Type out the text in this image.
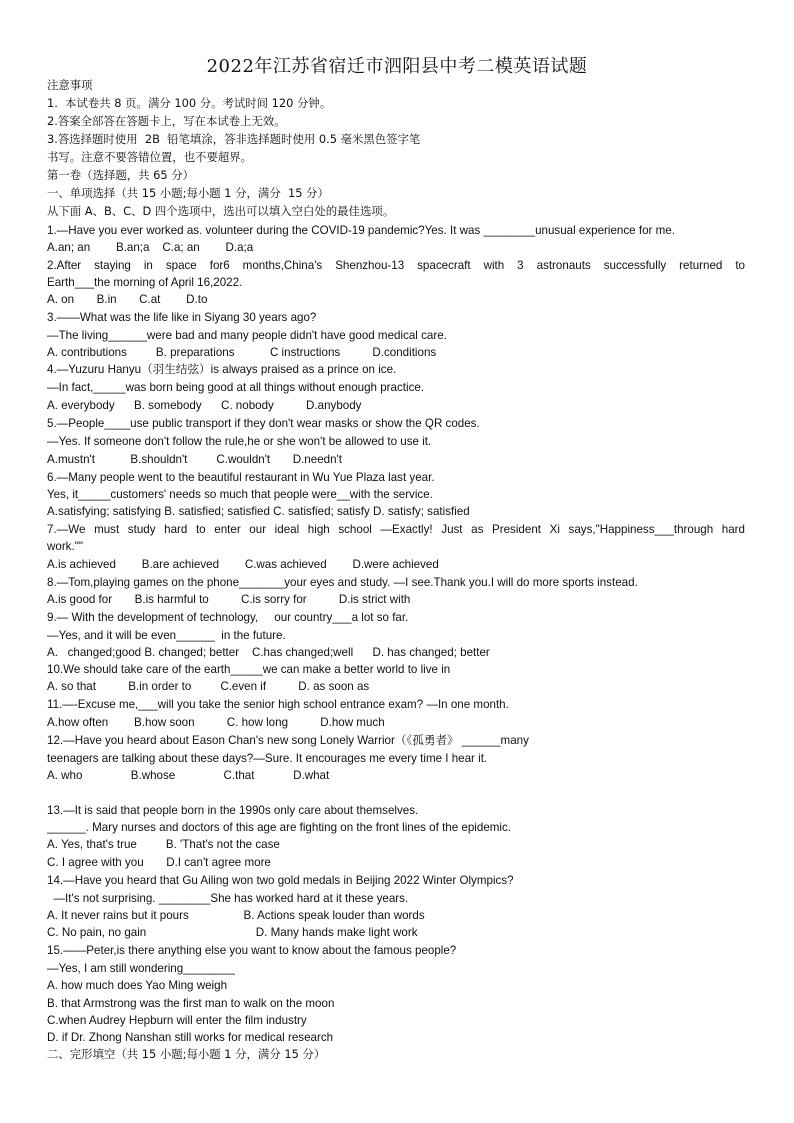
2022年江苏省宿迁市泗阳县中考二模英语试题
注意事项
1.  本试卷共 8 页。满分 100 分。考试时间 120 分钟。
2.答案全部答在答题卡上，写在本试卷上无效。
3.答选择题时使用  2B  铅笔填涂，答非选择题时使用 0.5 毫米黑色签字笔
书写。注意不要答错位置，也不要超界。
第一卷（选择题，共 65 分）
一、单项选择（共 15 小题;每小题 1 分，满分  15 分）
从下面 A、B、C、D 四个选项中，选出可以填入空白处的最佳选项。
1.—Have you ever worked as. volunteer during the COVID-19 pandemic?Yes. It was ________unusual experience for me.
A.an; an        B.an;a    C.a; an        D.a;a
2.After staying in space for6 months,China's Shenzhou-13 spacecraft with 3 astronauts successfully returned to
Earth___the morning of April 16,2022.
A. on       B.in       C.at        D.to
3.——What was the life like in Siyang 30 years ago?
—The living______were bad and many people didn't have good medical care.
A. contributions         B. preparations           C instructions          D.conditions
4.—Yuzuru Hanyu（羽生结弦）is always praised as a prince on ice.
—In fact,_____was born being good at all things without enough practice.
A. everybody      B. somebody      C. nobody          D.anybody
5.—People____use public transport if they don't wear masks or show the QR codes.
—Yes. If someone don't follow the rule,he or she won't be allowed to use it.
A.mustn't           B.shouldn't         C.wouldn't       D.needn't
6.—Many people went to the beautiful restaurant in Wu Yue Plaza last year.
Yes, it_____customers' needs so much that people were__with the service.
A.satisfying; satisfying B. satisfied; satisfied C. satisfied; satisfy D. satisfy; satisfied
7.—We must study hard to enter our ideal high school —Exactly! Just as President Xi says,"Happiness___through hard
work.""
A.is achieved        B.are achieved        C.was achieved        D.were achieved
8.—Tom,playing games on the phone_______your eyes and study. —I see.Thank you.I will do more sports instead.
A.is good for       B.is harmful to          C.is sorry for          D.is strict with
9.— With the development of technology,     our country___a lot so far.
—Yes, and it will be even______  in the future.
A.   changed;good B. changed; better    C.has changed;well      D. has changed; better
10.We should take care of the earth_____we can make a better world to live in
A. so that          B.in order to         C.even if          D. as soon as
11.—-Excuse me,___will you take the senior high school entrance exam? —In one month.
A.how often        B.how soon          C. how long          D.how much
12.—Have you heard about Eason Chan's new song Lonely Warrior（《孤勇者》 ______many
teenagers are talking about these days?—Sure. It encourages me every time I hear it.
A. who               B.whose               C.that            D.what
13.—It is said that people born in the 1990s only care about themselves.
______. Mary nurses and doctors of this age are fighting on the front lines of the epidemic.
A. Yes, that's true         B. 'That's not the case
C. I agree with you       D.I can't agree more
14.—Have you heard that Gu Ailing won two gold medals in Beijing 2022 Winter Olympics?
—It's not surprising. ________She has worked hard at it these years.
A. It never rains but it pours                 B. Actions speak louder than words
C. No pain, no gain                                  D. Many hands make light work
15.——Peter,is there anything else you want to know about the famous people?
—Yes, I am still wondering________
A. how much does Yao Ming weigh
B. that Armstrong was the first man to walk on the moon
C.when Audrey Hepburn will enter the film industry
D. if Dr. Zhong Nanshan still works for medical research
二、完形填空（共 15 小题;每小题 1 分，满分 15 分）
